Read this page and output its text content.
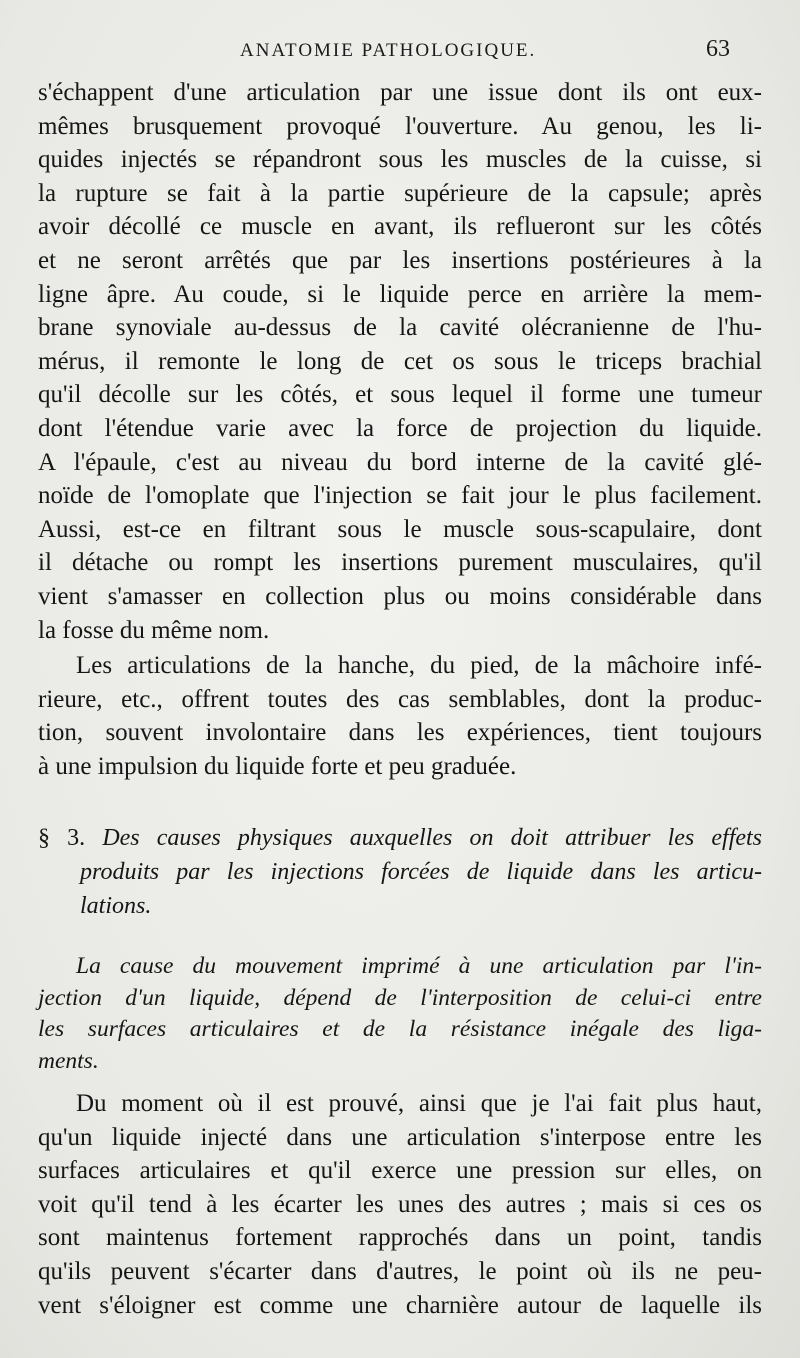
ANATOMIE PATHOLOGIQUE.	63
s'échappent d'une articulation par une issue dont ils ont eux-
mêmes brusquement provoqué l'ouverture. Au genou, les li-
quides injectés se répandront sous les muscles de la cuisse, si
la rupture se fait à la partie supérieure de la capsule; après
avoir décollé ce muscle en avant, ils reflueront sur les côtés
et ne seront arrêtés que par les insertions postérieures à la
ligne âpre. Au coude, si le liquide perce en arrière la mem-
brane synoviale au-dessus de la cavité olécranienne de l'hu-
mérus, il remonte le long de cet os sous le triceps brachial
qu'il décolle sur les côtés, et sous lequel il forme une tumeur
dont l'étendue varie avec la force de projection du liquide.
A l'épaule, c'est au niveau du bord interne de la cavité glé-
noïde de l'omoplate que l'injection se fait jour le plus facilement.
Aussi, est-ce en filtrant sous le muscle sous-scapulaire, dont
il détache ou rompt les insertions purement musculaires, qu'il
vient s'amasser en collection plus ou moins considérable dans
la fosse du même nom.
Les articulations de la hanche, du pied, de la mâchoire infé-
rieure, etc., offrent toutes des cas semblables, dont la produc-
tion, souvent involontaire dans les expériences, tient toujours
à une impulsion du liquide forte et peu graduée.
§ 3. Des causes physiques auxquelles on doit attribuer les effets
produits par les injections forcées de liquide dans les articu-
lations.
La cause du mouvement imprimé à une articulation par l'in-
jection d'un liquide, dépend de l'interposition de celui-ci entre
les surfaces articulaires et de la résistance inégale des liga-
ments.
Du moment où il est prouvé, ainsi que je l'ai fait plus haut,
qu'un liquide injecté dans une articulation s'interpose entre les
surfaces articulaires et qu'il exerce une pression sur elles, on
voit qu'il tend à les écarter les unes des autres ; mais si ces os
sont maintenus fortement rapprochés dans un point, tandis
qu'ils peuvent s'écarter dans d'autres, le point où ils ne peu-
vent s'éloigner est comme une charnière autour de laquelle ils
